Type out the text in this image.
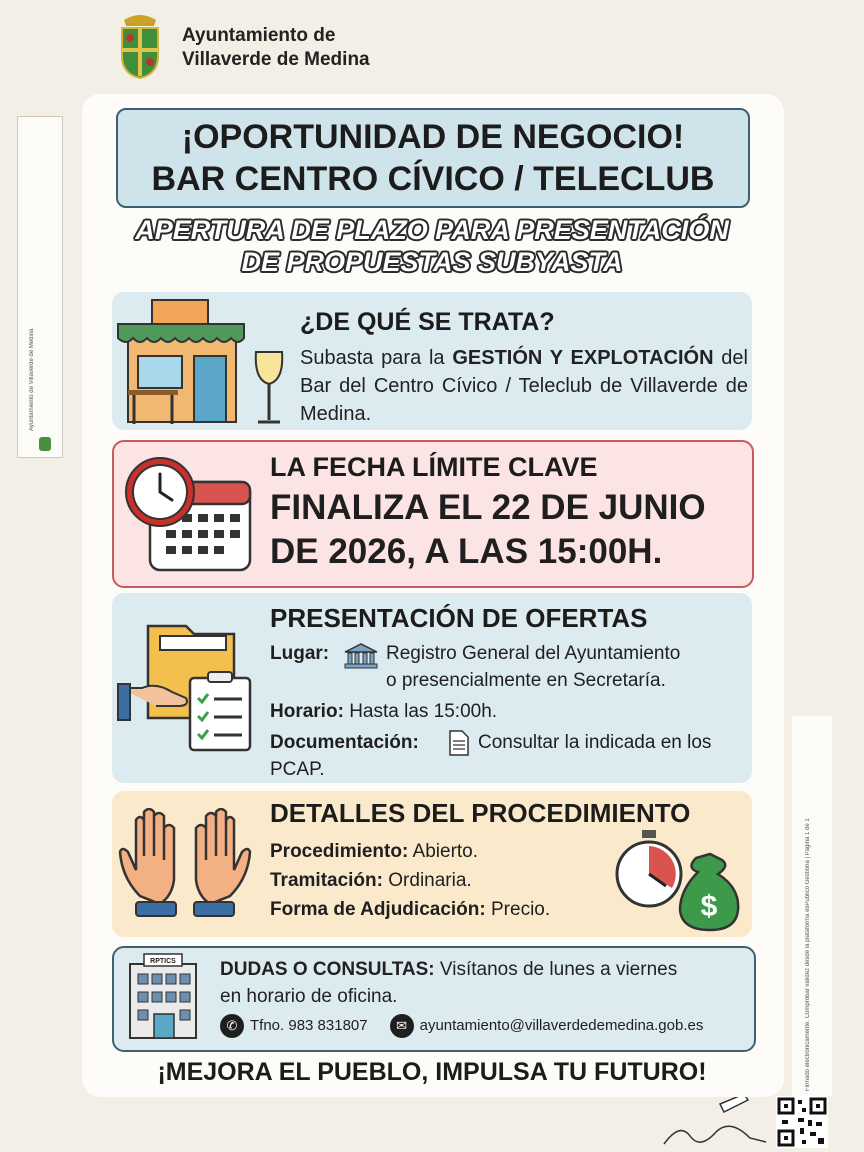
Ayuntamiento de
Villaverde de Medina
Ayuntamiento de Villaverde de Medina
Firmado electrónicamente. Comprobar validez desde la plataforma esPublico Gestiona | Página 1 de 1
¡OPORTUNIDAD DE NEGOCIO!
BAR CENTRO CÍVICO / TELECLUB
APERTURA DE PLAZO PARA PRESENTACIÓN
DE PROPUESTAS SUBYASTA
¿DE QUÉ SE TRATA?
Subasta para la GESTIÓN Y EXPLOTACIÓN del Bar del Centro Cívico / Teleclub de Villaverde de Medina.
LA FECHA LÍMITE CLAVE
FINALIZA EL 22 DE JUNIO
DE 2026, A LAS 15:00H.
PRESENTACIÓN DE OFERTAS
Lugar:	Registro General del Ayuntamiento
o presencialmente en Secretaría.
Horario: Hasta las 15:00h.
Documentación:	Consultar la indicada en los
PCAP.
DETALLES DEL PROCEDIMIENTO
Procedimiento: Abierto.
Tramitación: Ordinaria.
Forma de Adjudicación: Precio.	$
RPTICS DUDAS O CONSULTAS: Visítanos de lunes a viernes en horario de oficina.
✆ Tfno. 983 831807	✉ ayuntamiento@villaverdedemedina.gob.es
¡MEJORA EL PUEBLO, IMPULSA TU FUTURO!
